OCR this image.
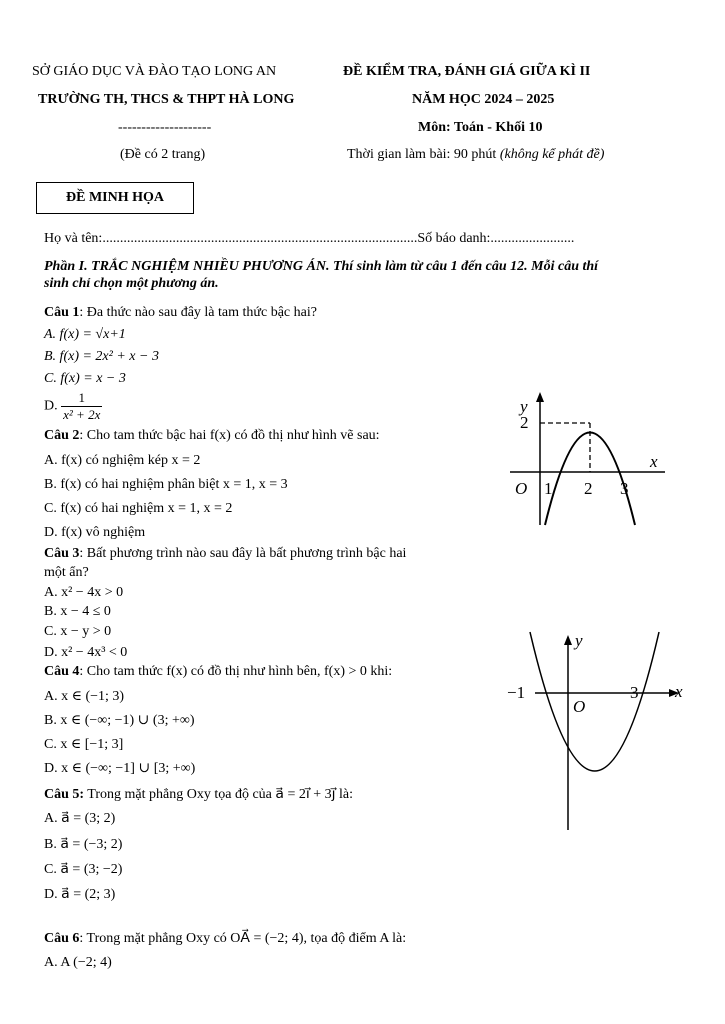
SỞ GIÁO DỤC VÀ ĐÀO TẠO LONG AN
TRƯỜNG TH, THCS & THPT HÀ LONG
--------------------
(Đề có 2 trang)
ĐỀ KIỂM TRA, ĐÁNH GIÁ GIỮA KÌ II
NĂM HỌC 2024 – 2025
Môn: Toán - Khối 10
Thời gian làm bài: 90 phút (không kể phát đề)
ĐỀ MINH HỌA
Họ và tên:..........................................................................................Số báo danh:........................
Phần I. TRẮC NGHIỆM NHIỀU PHƯƠNG ÁN. Thí sinh làm từ câu 1 đến câu 12. Mỗi câu thí
sinh chỉ chọn một phương án.
Câu 1: Đa thức nào sau đây là tam thức bậc hai?
A. f(x) = √x+1
B. f(x) = 2x² + x − 3
C. f(x) = x − 3
D. $\frac{1}{\text{x² + 2x}}$
Câu 2: Cho tam thức bậc hai f(x) có đồ thị như hình vẽ sau:
A. f(x) có nghiệm kép x = 2
B. f(x) có hai nghiệm phân biệt x = 1, x = 3
C. f(x) có hai nghiệm x = 1, x = 2
D. f(x) vô nghiệm
y
2
x
O 1 2 3
Câu 3: Bất phương trình nào sau đây là bất phương trình bậc hai
một ẩn?
A. x² − 4x > 0
B. x − 4 ≤ 0
C. x − y > 0
D. x² − 4x³ < 0
Câu 4: Cho tam thức f(x) có đồ thị như hình bên, f(x) > 0 khi:
A. x ∈ (−1; 3)
B. x ∈ (−∞; −1) ∪ (3; +∞)
C. x ∈ [−1; 3]
D. x ∈ (−∞; −1] ∪ [3; +∞)
y
x
−1	3
O
Câu 5: Trong mặt phẳng Oxy tọa độ của a⃗ = 2i⃗ + 3j⃗ là:
A. a⃗ = (3; 2)
B. a⃗ = (−3; 2)
C. a⃗ = (3; −2)
D. a⃗ = (2; 3)
Câu 6: Trong mặt phẳng Oxy có OA⃗ = (−2; 4), tọa độ điểm A là:
A. A (−2; 4)
